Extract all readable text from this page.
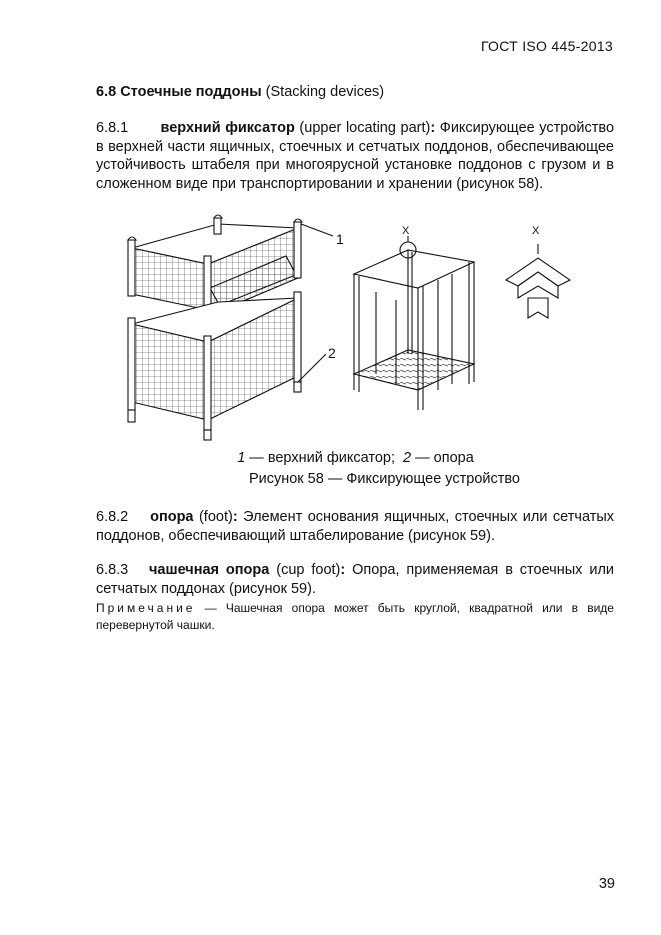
ГОСТ ISO 445-2013
6.8 Стоечные поддоны (Stacking devices)
6.8.1 верхний фиксатор (upper locating part): Фиксирующее устройство в верхней части ящичных, стоечных и сетчатых поддонов, обеспечивающее устойчивость штабеля при многоярусной установке поддонов с грузом и в сложенном виде при транспортировании и хранении (рисунок 58).
1
2
X	X
1 — верхний фиксатор; 2 — опора
Рисунок 58 — Фиксирующее устройство
6.8.2 опора (foot): Элемент основания ящичных, стоечных или сетчатых поддонов, обеспечивающий штабелирование (рисунок 59).
6.8.3 чашечная опора (cup foot): Опора, применяемая в стоечных или сетчатых поддонах (рисунок 59).
Примечание — Чашечная опора может быть круглой, квадратной или в виде перевернутой чашки.
39
